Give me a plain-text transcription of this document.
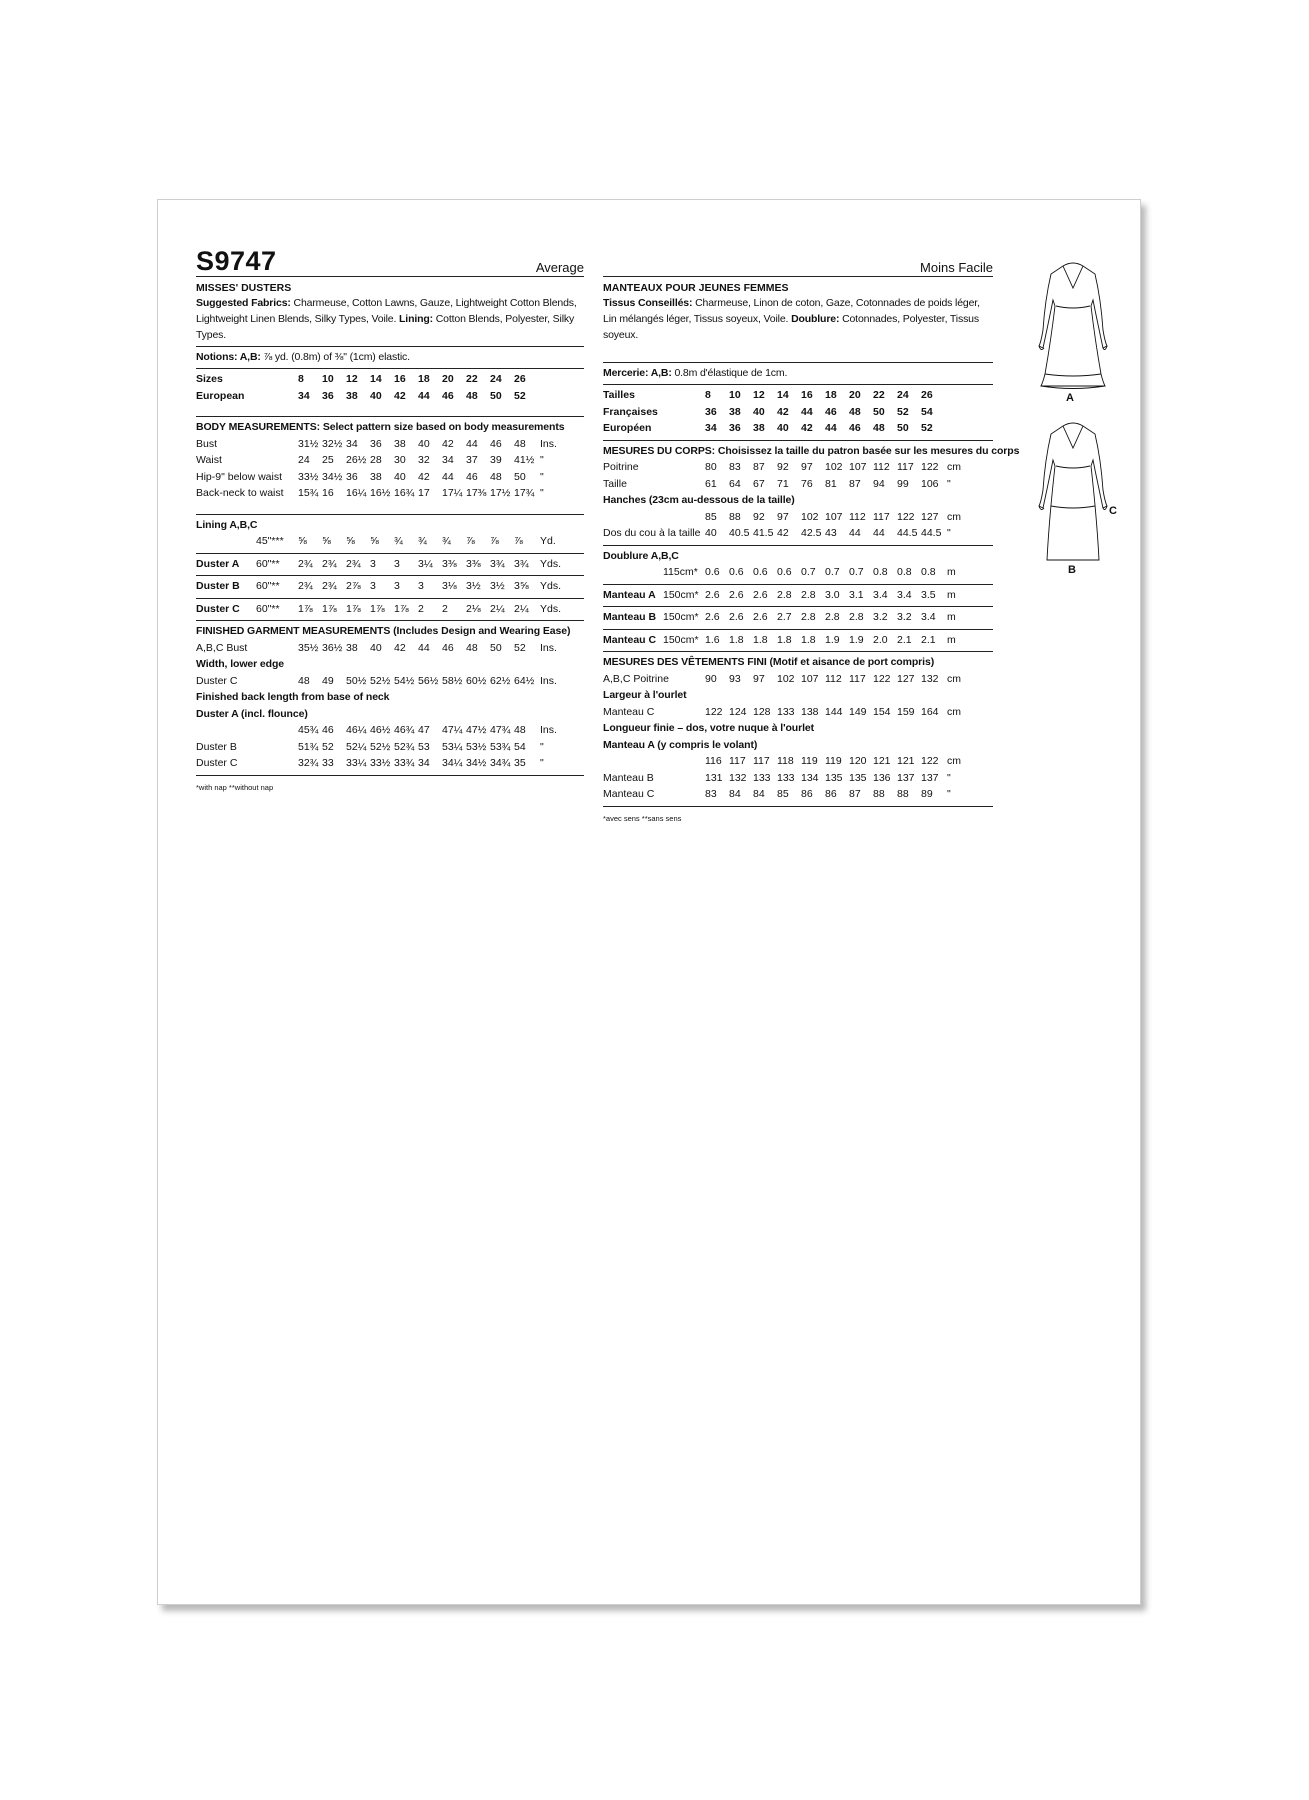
S9747	Average
MISSES' DUSTERS
Suggested Fabrics: Charmeuse, Cotton Lawns, Gauze, Lightweight Cotton Blends, Lightweight Linen Blends, Silky Types, Voile. Lining: Cotton Blends, Polyester, Silky Types.
Notions: A,B: ⅞ yd. (0.8m) of ⅜" (1cm) elastic.
Sizes	8 10 12 14 16 18 20 22 24 26
European	34 36 38 40 42 44 46 48 50 52
BODY MEASUREMENTS: Select pattern size based on body measurements
Bust	31½ 32½ 34 36 38 40 42 44 46 48 Ins.
Waist	24 25 26½ 28 30 32 34 37 39 41½ "
Hip-9" below waist 33½ 34½ 36 38 40 42 44 46 48 50 "
Back-neck to waist 15¾ 16 16¼ 16½ 16¾ 17 17¼ 17⅜ 17½ 17¾ "
Lining A,B,C
45"*** ⅝ ⅝ ⅝ ⅝ ¾ ¾ ¾ ⅞ ⅞ ⅞ Yd.
Duster A 60"** 2¾ 2¾ 2¾ 3 3 3¼ 3⅜ 3⅜ 3¾ 3¾ Yds.
Duster B 60"** 2¾ 2¾ 2⅞ 3 3 3 3⅛ 3½ 3½ 3⅝ Yds.
Duster C 60"** 1⅞ 1⅞ 1⅞ 1⅞ 1⅞ 2 2 2⅛ 2¼ 2¼ Yds.
FINISHED GARMENT MEASUREMENTS (Includes Design and Wearing Ease)
A,B,C Bust	35½ 36½ 38 40 42 44 46 48 50 52 Ins.
Width, lower edge
Duster C	48 49 50½ 52½ 54½ 56½ 58½ 60½ 62½ 64½ Ins.
Finished back length from base of neck
Duster A (incl. flounce)
45¾ 46 46¼ 46½ 46¾ 47 47¼ 47½ 47¾ 48 Ins.
Duster B	51¾ 52 52¼ 52½ 52¾ 53 53¼ 53½ 53¾ 54 "
Duster C	32¾ 33 33¼ 33½ 33¾ 34 34¼ 34½ 34¾ 35 "
*with nap **without nap
Moins Facile
MANTEAUX POUR JEUNES FEMMES
Tissus Conseillés: Charmeuse, Linon de coton, Gaze, Cotonnades de poids léger, Lin mélangés léger, Tissus soyeux, Voile. Doublure: Cotonnades, Polyester, Tissus soyeux.
Mercerie: A,B: 0.8m d'élastique de 1cm.
Tailles	8 10 12 14 16 18 20 22 24 26
Françaises	36 38 40 42 44 46 48 50 52 54
Européen	34 36 38 40 42 44 46 48 50 52
MESURES DU CORPS: Choisissez la taille du patron basée sur les mesures du corps
Poitrine	80 83 87 92 97 102 107 112 117 122 cm
Taille	61 64 67 71 76 81 87 94 99 106 "
Hanches (23cm au-dessous de la taille)
85 88 92 97 102 107 112 117 122 127 cm
Dos du cou à la taille 40 40.5 41.5 42 42.5 43 44 44 44.5 44.5 "
Doublure A,B,C
115cm* 0.6 0.6 0.6 0.6 0.7 0.7 0.7 0.8 0.8 0.8 m
Manteau A 150cm* 2.6 2.6 2.6 2.8 2.8 3.0 3.1 3.4 3.4 3.5 m
Manteau B 150cm* 2.6 2.6 2.6 2.7 2.8 2.8 2.8 3.2 3.2 3.4 m
Manteau C 150cm* 1.6 1.8 1.8 1.8 1.8 1.9 1.9 2.0 2.1 2.1 m
MESURES DES VÊTEMENTS FINI (Motif et aisance de port compris)
A,B,C Poitrine	90 93 97 102 107 112 117 122 127 132 cm
Largeur à l'ourlet
Manteau C	122 124 128 133 138 144 149 154 159 164 cm
Longueur finie – dos, votre nuque à l'ourlet
Manteau A (y compris le volant)
116 117 117 118 119 119 120 121 121 122 cm
Manteau B	131 132 133 133 134 135 135 136 137 137 "
Manteau C	83 84 84 85 86 86 87 88 88 89 "
*avec sens **sans sens
A
C
B
